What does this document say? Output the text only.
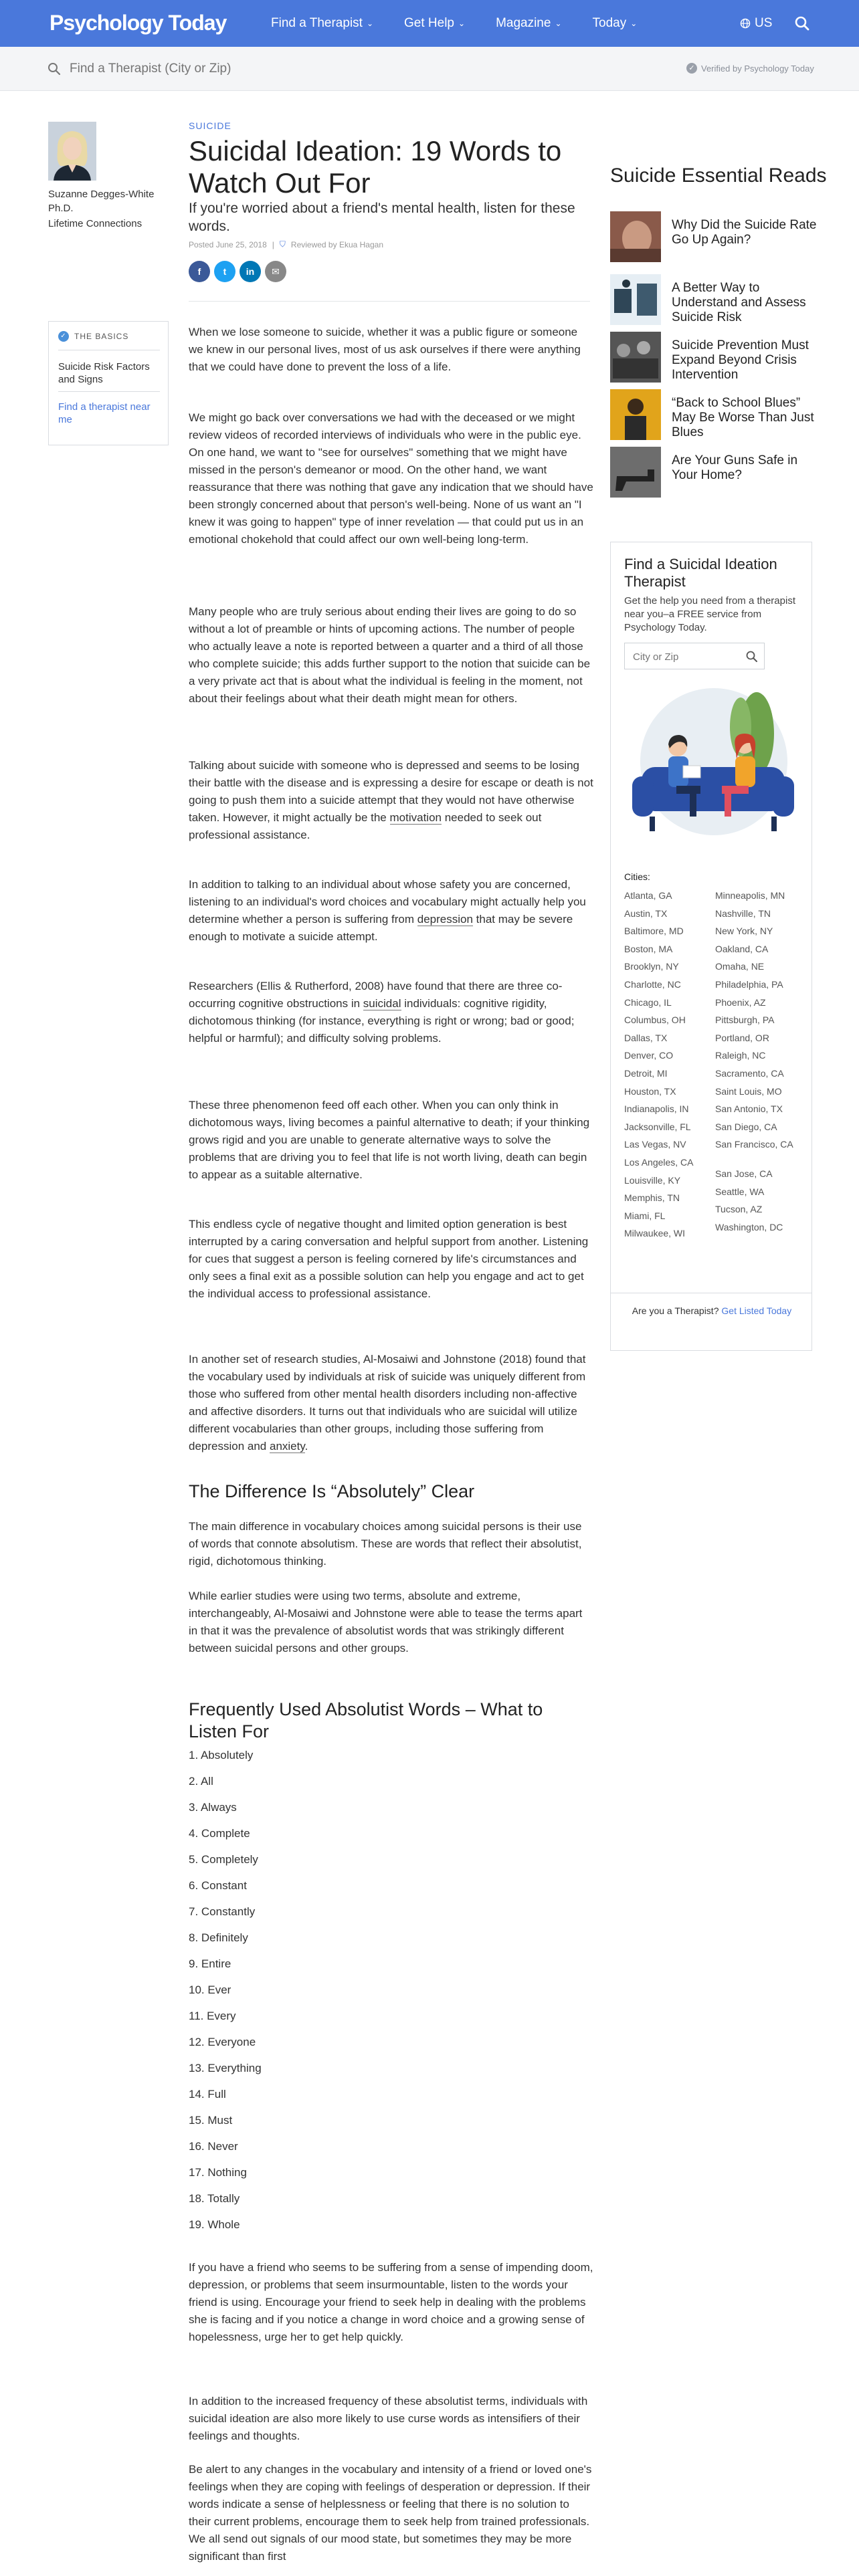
Psychology Today	Find a Therapist ⌄ Get Help ⌄ Magazine ⌄ Today ⌄	US
Find a Therapist (City or Zip)
✓ Verified by Psychology Today
Suzanne Degges-White Ph.D.
Lifetime Connections
✓ THE BASICS
Suicide Risk Factors and Signs
Find a therapist near me
SUICIDE
Suicidal Ideation: 19 Words to Watch Out For
If you're worried about a friend's mental health, listen for these words.
Posted June 25, 2018 | ⛉ Reviewed by Ekua Hagan
f	t	in	✉

When we lose someone to suicide, whether it was a public figure or someone we knew in our personal lives, most of us ask ourselves if there were anything that we could have done to prevent the loss of a life.

We might go back over conversations we had with the deceased or we might review videos of recorded interviews of individuals who were in the public eye. On one hand, we want to "see for ourselves" something that we might have missed in the person's demeanor or mood. On the other hand, we want reassurance that there was nothing that gave any indication that we should have been strongly concerned about that person's well-being. None of us want an "I knew it was going to happen" type of inner revelation — that could put us in an emotional chokehold that could affect our own well-being long-term.

Many people who are truly serious about ending their lives are going to do so without a lot of preamble or hints of upcoming actions. The number of people who actually leave a note is reported between a quarter and a third of all those who complete suicide; this adds further support to the notion that suicide can be a very private act that is about what the individual is feeling in the moment, not about their feelings about what their death might mean for others.

Talking about suicide with someone who is depressed and seems to be losing their battle with the disease and is expressing a desire for escape or death is not going to push them into a suicide attempt that they would not have otherwise taken. However, it might actually be the motivation needed to seek out professional assistance.

In addition to talking to an individual about whose safety you are concerned, listening to an individual's word choices and vocabulary might actually help you determine whether a person is suffering from depression that may be severe enough to motivate a suicide attempt.

Researchers (Ellis & Rutherford, 2008) have found that there are three co-occurring cognitive obstructions in suicidal individuals: cognitive rigidity, dichotomous thinking (for instance, everything is right or wrong; bad or good; helpful or harmful); and difficulty solving problems.

These three phenomenon feed off each other. When you can only think in dichotomous ways, living becomes a painful alternative to death; if your thinking grows rigid and you are unable to generate alternative ways to solve the problems that are driving you to feel that life is not worth living, death can begin to appear as a suitable alternative.

This endless cycle of negative thought and limited option generation is best interrupted by a caring conversation and helpful support from another. Listening for cues that suggest a person is feeling cornered by life's circumstances and only sees a final exit as a possible solution can help you engage and act to get the individual access to professional assistance.

In another set of research studies, Al-Mosaiwi and Johnstone (2018) found that the vocabulary used by individuals at risk of suicide was uniquely different from those who suffered from other mental health disorders including non-affective and affective disorders. It turns out that individuals who are suicidal will utilize different vocabularies than other groups, including those suffering from depression and anxiety.

The Difference Is “Absolutely” Clear

The main difference in vocabulary choices among suicidal persons is their use of words that connote absolutism. These are words that reflect their absolutist, rigid, dichotomous thinking.

While earlier studies were using two terms, absolute and extreme, interchangeably, Al-Mosaiwi and Johnstone were able to tease the terms apart in that it was the prevalence of absolutist words that was strikingly different between suicidal persons and other groups.

Frequently Used Absolutist Words – What to Listen For
1. Absolutely
2. All
3. Always
4. Complete
5. Completely
6. Constant
7. Constantly
8. Definitely
9. Entire
10. Ever
11. Every
12. Everyone
13. Everything
14. Full
15. Must
16. Never
17. Nothing
18. Totally
19. Whole

If you have a friend who seems to be suffering from a sense of impending doom, depression, or problems that seem insurmountable, listen to the words your friend is using. Encourage your friend to seek help in dealing with the problems she is facing and if you notice a change in word choice and a growing sense of hopelessness, urge her to get help quickly.

In addition to the increased frequency of these absolutist terms, individuals with suicidal ideation are also more likely to use curse words as intensifiers of their feelings and thoughts.

Be alert to any changes in the vocabulary and intensity of a friend or loved one's feelings when they are coping with feelings of desperation or depression. If their words indicate a sense of helplessness or feeling that there is no solution to their current problems, encourage them to seek help from trained professionals. We all send out signals of our mood state, but sometimes they may be more significant than first

Suicide Essential Reads
Why Did the Suicide Rate Go Up Again?
A Better Way to Understand and Assess Suicide Risk
Suicide Prevention Must Expand Beyond Crisis Intervention
“Back to School Blues” May Be Worse Than Just Blues
Are Your Guns Safe in Your Home?
Find a Suicidal Ideation Therapist
Get the help you need from a therapist near you–a FREE service from Psychology Today.
City or Zip
Cities:
Atlanta, GA
Austin, TX
Baltimore, MD
Boston, MA
Brooklyn, NY
Charlotte, NC
Chicago, IL
Columbus, OH
Dallas, TX
Denver, CO
Detroit, MI
Houston, TX
Indianapolis, IN
Jacksonville, FL
Las Vegas, NV
Los Angeles, CA
Louisville, KY
Memphis, TN
Miami, FL
Milwaukee, WI
Minneapolis, MN
Nashville, TN
New York, NY
Oakland, CA
Omaha, NE
Philadelphia, PA
Phoenix, AZ
Pittsburgh, PA
Portland, OR
Raleigh, NC
Sacramento, CA
Saint Louis, MO
San Antonio, TX
San Diego, CA
San Francisco, CA
San Jose, CA
Seattle, WA
Tucson, AZ
Washington, DC
Are you a Therapist? Get Listed Today
